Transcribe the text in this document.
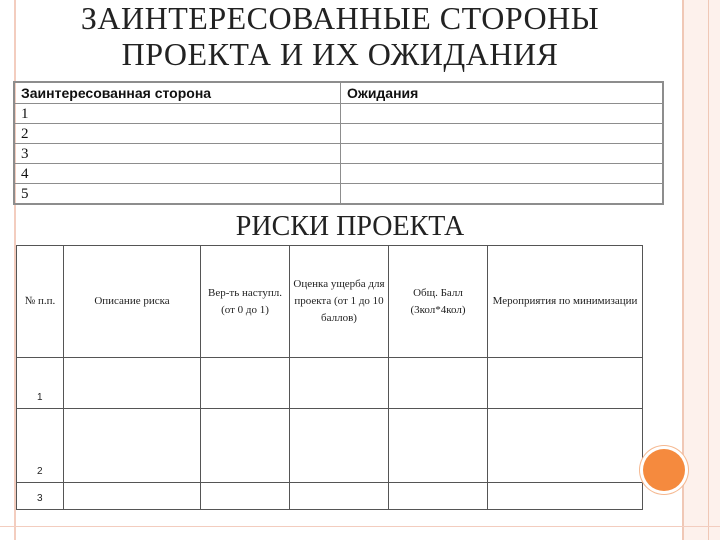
ЗАИНТЕРЕСОВАННЫЕ СТОРОНЫ
ПРОЕКТА И ИХ ОЖИДАНИЯ
Заинтересованная сторона	Ожидания
1	
2	
3	
4	
5	
РИСКИ ПРОЕКТА
№ п.п.	Описание риска	Вер-ть наступл. (от 0 до 1)	Оценка ущерба для проекта (от 1 до 10 баллов)	Общ. Балл (3кол*4кол)	Мероприятия по минимизации
1					
2					
3					
